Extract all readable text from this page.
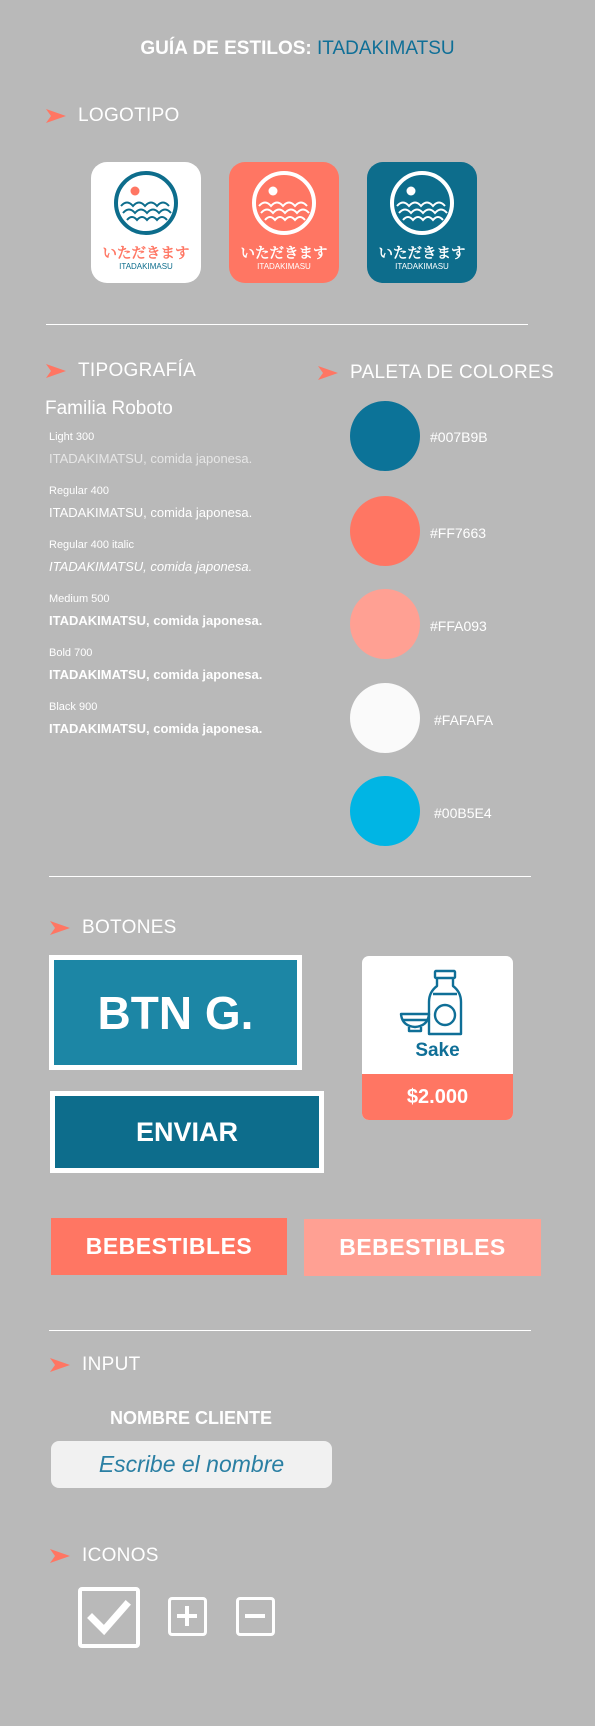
GUÍA DE ESTILOS: ITADAKIMATSU
LOGOTIPO
いただきます
ITADAKIMASU
いただきます
ITADAKIMASU
いただきます
ITADAKIMASU
TIPOGRAFÍA
Familia Roboto
Light 300
ITADAKIMATSU, comida japonesa.
Regular 400
ITADAKIMATSU, comida japonesa.
Regular 400 italic
ITADAKIMATSU, comida japonesa.
Medium 500
ITADAKIMATSU, comida japonesa.
Bold 700
ITADAKIMATSU, comida japonesa.
Black 900
ITADAKIMATSU, comida japonesa.
PALETA DE COLORES
#007B9B
#FF7663
#FFA093
#FAFAFA
#00B5E4
BOTONES
BTN G.
ENVIAR
Sake
$2.000
BEBESTIBLES	BEBESTIBLES
INPUT
NOMBRE CLIENTE
Escribe el nombre
ICONOS
